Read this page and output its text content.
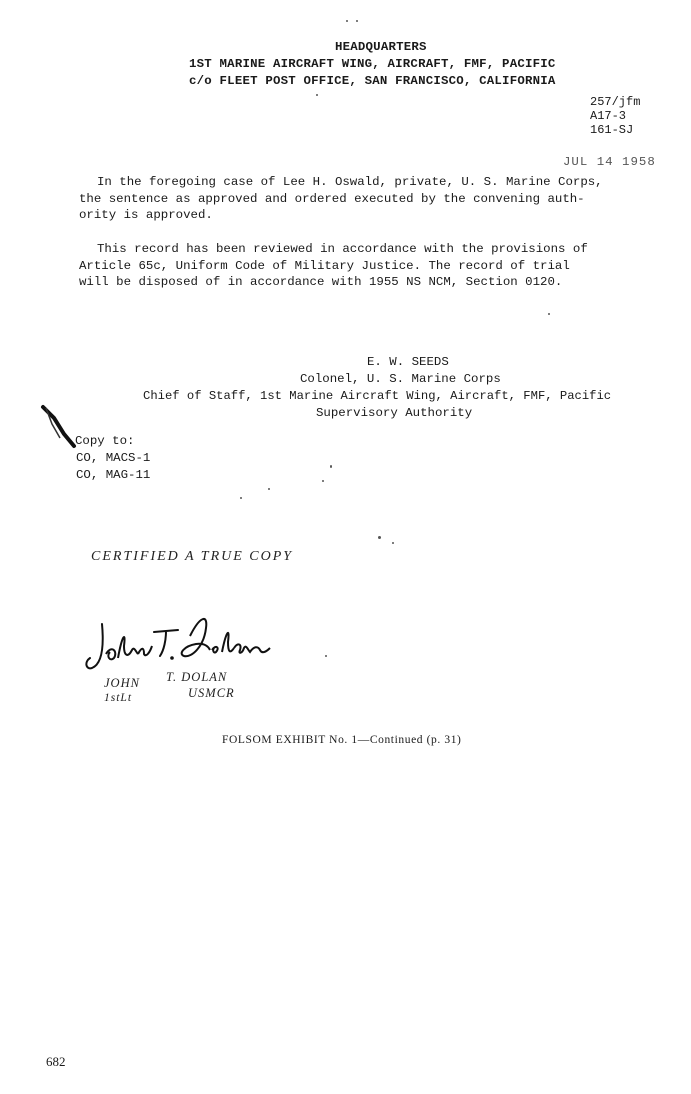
HEADQUARTERS
1ST MARINE AIRCRAFT WING, AIRCRAFT, FMF, PACIFIC
c/o FLEET POST OFFICE, SAN FRANCISCO, CALIFORNIA
257/jfm
A17-3
161-SJ
JUL 14 1958
In the foregoing case of Lee H. Oswald, private, U. S. Marine Corps,
the sentence as approved and ordered executed by the convening auth-
ority is approved.
This record has been reviewed in accordance with the provisions of
Article 65c, Uniform Code of Military Justice. The record of trial
will be disposed of in accordance with 1955 NS NCM, Section 0120.
E. W. SEEDS
Colonel, U. S. Marine Corps
Chief of Staff, 1st Marine Aircraft Wing, Aircraft, FMF, Pacific
Supervisory Authority
Copy to:
CO, MACS-1
CO, MAG-11
CERTIFIED A TRUE COPY
JOHN T. DOLAN
1stLt	USMCR
FOLSOM EXHIBIT No. 1—Continued (p. 31)
682
